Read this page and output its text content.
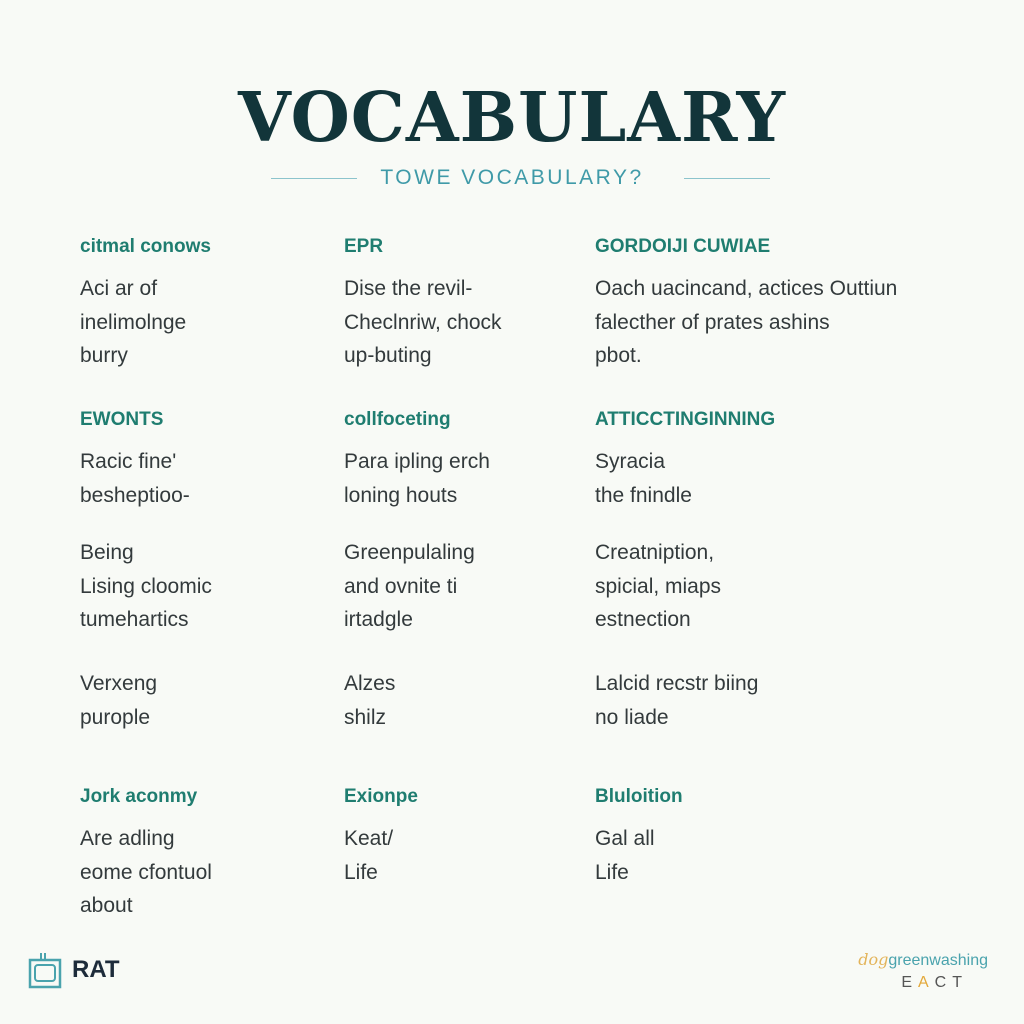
VOCABULARY
TOWE VOCABULARY?
citmal conows
Aci ar of
inelimolnge
burry
EPR
Dise the revil-
Checlnriw, chock
up-buting
GORDOIJI CUWIAE
Oach uacincand, actices Outtiun
falecther of prates ashins
pbot.
EWONTS
Racic fine'
besheptioo-
collfoceting
Para ipling erch
loning houts
ATTICCTINGINNING
Syracia
the fnindle
Being
Lising cloomic
tumehartics
Greenpulaling
and ovnite ti
irtadgle
Creatniption,
spicial, miaps
estnection
Verxeng
purople
Alzes
shilz
Lalcid recstr biing
no liade
Jork aconmy
Are adling
eome cfontuol
about
Exionpe
Keat/
Life
Bluloition
Gal all
Life
RAT	doggreenwashing
EACT
